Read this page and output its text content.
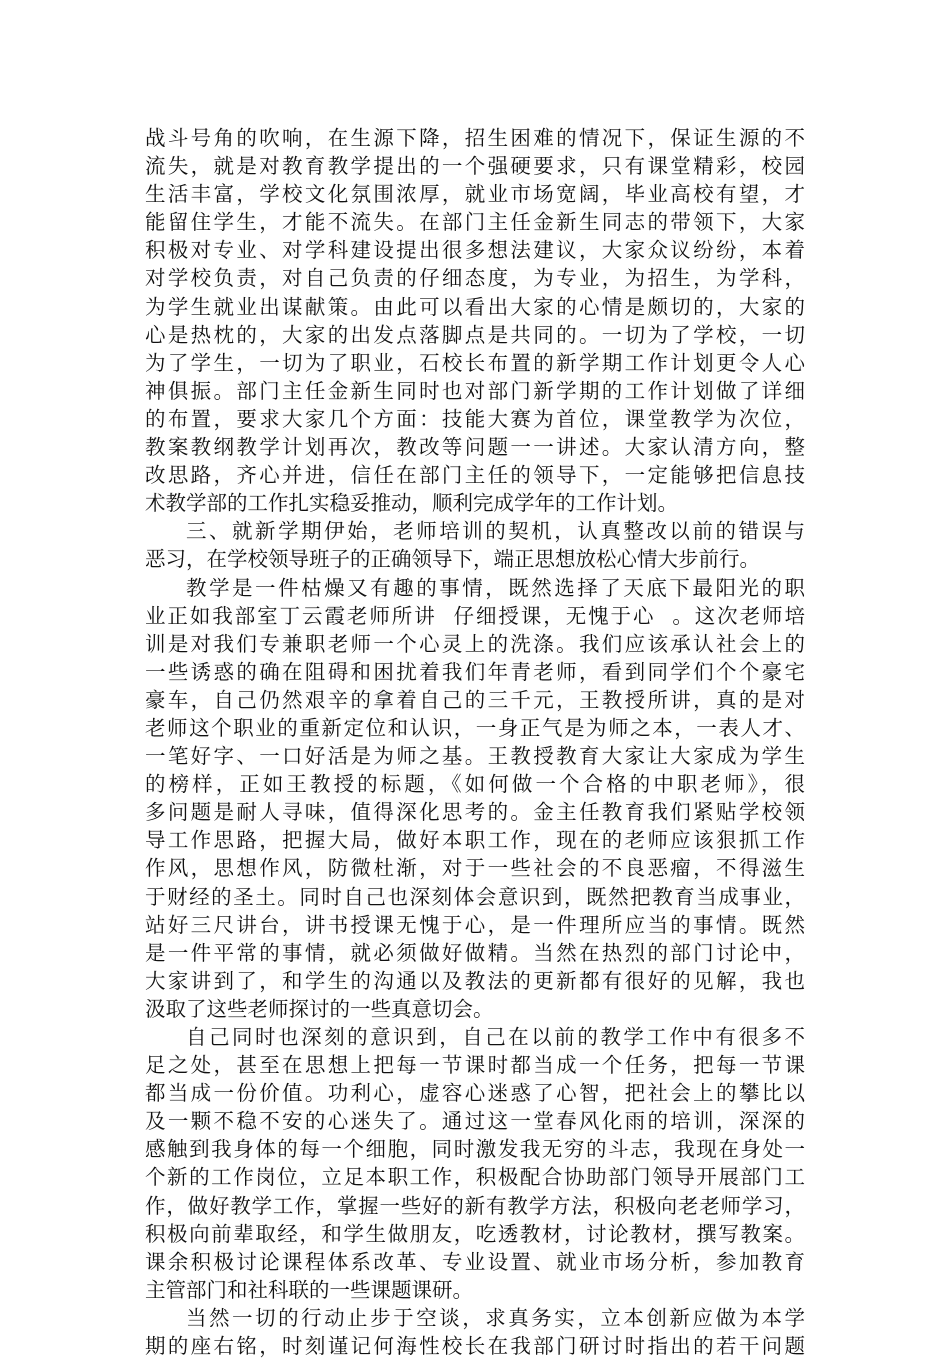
战斗号角的吹响，在生源下降，招生困难的情况下，保证生源的不
流失，就是对教育教学提出的一个强硬要求，只有课堂精彩，校园
生活丰富，学校文化氛围浓厚，就业市场宽阔，毕业高校有望，才
能留住学生，才能不流失。在部门主任金新生同志的带领下，大家
积极对专业、对学科建设提出很多想法建议，大家众议纷纷，本着
对学校负责，对自己负责的仔细态度，为专业，为招生，为学科，
为学生就业出谋献策。由此可以看出大家的心情是颇切的，大家的
心是热枕的，大家的出发点落脚点是共同的。一切为了学校，一切
为了学生，一切为了职业，石校长布置的新学期工作计划更令人心
神俱振。部门主任金新生同时也对部门新学期的工作计划做了详细
的布置，要求大家几个方面：技能大赛为首位，课堂教学为次位，
教案教纲教学计划再次，教改等问题一一讲述。大家认清方向，整
改思路，齐心并进，信任在部门主任的领导下，一定能够把信息技
术教学部的工作扎实稳妥推动，顺利完成学年的工作计划。
三、就新学期伊始，老师培训的契机，认真整改以前的错误与
恶习，在学校领导班子的正确领导下，端正思想放松心情大步前行。
教学是一件枯燥又有趣的事情，既然选择了天底下最阳光的职
业正如我部室丁云霞老师所讲  仔细授课，无愧于心  。这次老师培
训是对我们专兼职老师一个心灵上的洗涤。我们应该承认社会上的
一些诱惑的确在阻碍和困扰着我们年青老师，看到同学们个个豪宅
豪车，自己仍然艰辛的拿着自己的三千元，王教授所讲，真的是对
老师这个职业的重新定位和认识，一身正气是为师之本，一表人才、
一笔好字、一口好活是为师之基。王教授教育大家让大家成为学生
的榜样，正如王教授的标题，《如何做一个合格的中职老师》，很
多问题是耐人寻味，值得深化思考的。金主任教育我们紧贴学校领
导工作思路，把握大局，做好本职工作，现在的老师应该狠抓工作
作风，思想作风，防微杜渐，对于一些社会的不良恶瘤，不得滋生
于财经的圣土。同时自己也深刻体会意识到，既然把教育当成事业，
站好三尺讲台，讲书授课无愧于心，是一件理所应当的事情。既然
是一件平常的事情，就必须做好做精。当然在热烈的部门讨论中，
大家讲到了，和学生的沟通以及教法的更新都有很好的见解，我也
汲取了这些老师探讨的一些真意切会。
自己同时也深刻的意识到，自己在以前的教学工作中有很多不
足之处，甚至在思想上把每一节课时都当成一个任务，把每一节课
都当成一份价值。功利心，虚容心迷惑了心智，把社会上的攀比以
及一颗不稳不安的心迷失了。通过这一堂春风化雨的培训，深深的
感触到我身体的每一个细胞，同时激发我无穷的斗志，我现在身处一
个新的工作岗位，立足本职工作，积极配合协助部门领导开展部门工
作，做好教学工作，掌握一些好的新有教学方法，积极向老老师学习，
积极向前辈取经，和学生做朋友，吃透教材，讨论教材，撰写教案。
课余积极讨论课程体系改革、专业设置、就业市场分析，参加教育
主管部门和社科联的一些课题课研。
当然一切的行动止步于空谈，求真务实，立本创新应做为本学
期的座右铭，时刻谨记何海性校长在我部门研讨时指出的若干问题
